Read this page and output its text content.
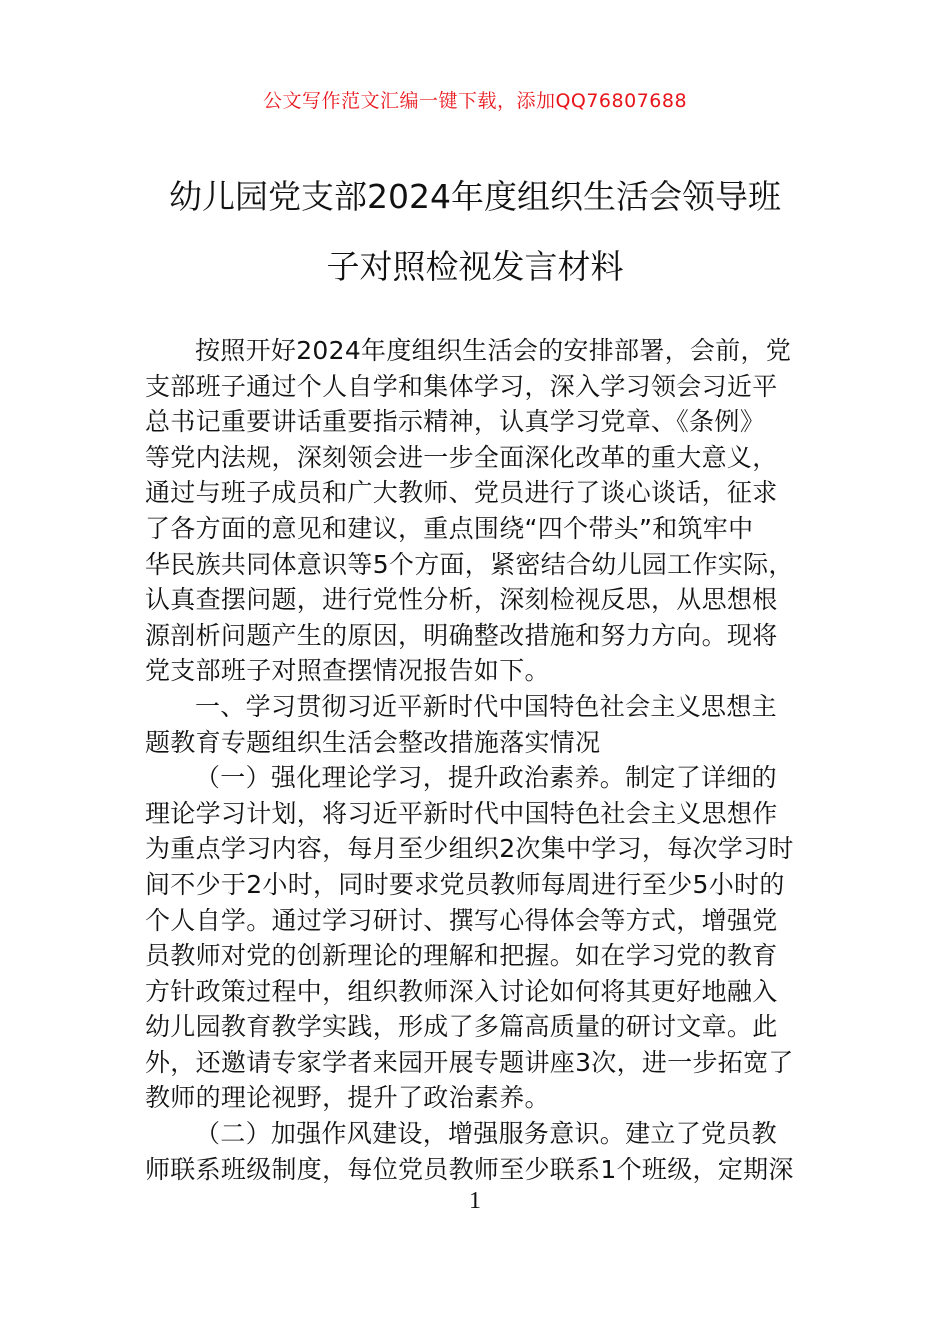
公文写作范文汇编一键下载，添加QQ76807688
幼儿园党支部2024年度组织生活会领导班
子对照检视发言材料
按照开好2024年度组织生活会的安排部署，会前，党
支部班子通过个人自学和集体学习，深入学习领会习近平
总书记重要讲话重要指示精神，认真学习党章、《条例》
等党内法规，深刻领会进一步全面深化改革的重大意义，
通过与班子成员和广大教师、党员进行了谈心谈话，征求
了各方面的意见和建议，重点围绕“四个带头”和筑牢中
华民族共同体意识等5个方面，紧密结合幼儿园工作实际，
认真查摆问题，进行党性分析，深刻检视反思，从思想根
源剖析问题产生的原因，明确整改措施和努力方向。现将
党支部班子对照查摆情况报告如下。
一、学习贯彻习近平新时代中国特色社会主义思想主
题教育专题组织生活会整改措施落实情况
（一）强化理论学习，提升政治素养。制定了详细的
理论学习计划，将习近平新时代中国特色社会主义思想作
为重点学习内容，每月至少组织2次集中学习，每次学习时
间不少于2小时，同时要求党员教师每周进行至少5小时的
个人自学。通过学习研讨、撰写心得体会等方式，增强党
员教师对党的创新理论的理解和把握。如在学习党的教育
方针政策过程中，组织教师深入讨论如何将其更好地融入
幼儿园教育教学实践，形成了多篇高质量的研讨文章。此
外，还邀请专家学者来园开展专题讲座3次，进一步拓宽了
教师的理论视野，提升了政治素养。
（二）加强作风建设，增强服务意识。建立了党员教
师联系班级制度，每位党员教师至少联系1个班级，定期深
1
